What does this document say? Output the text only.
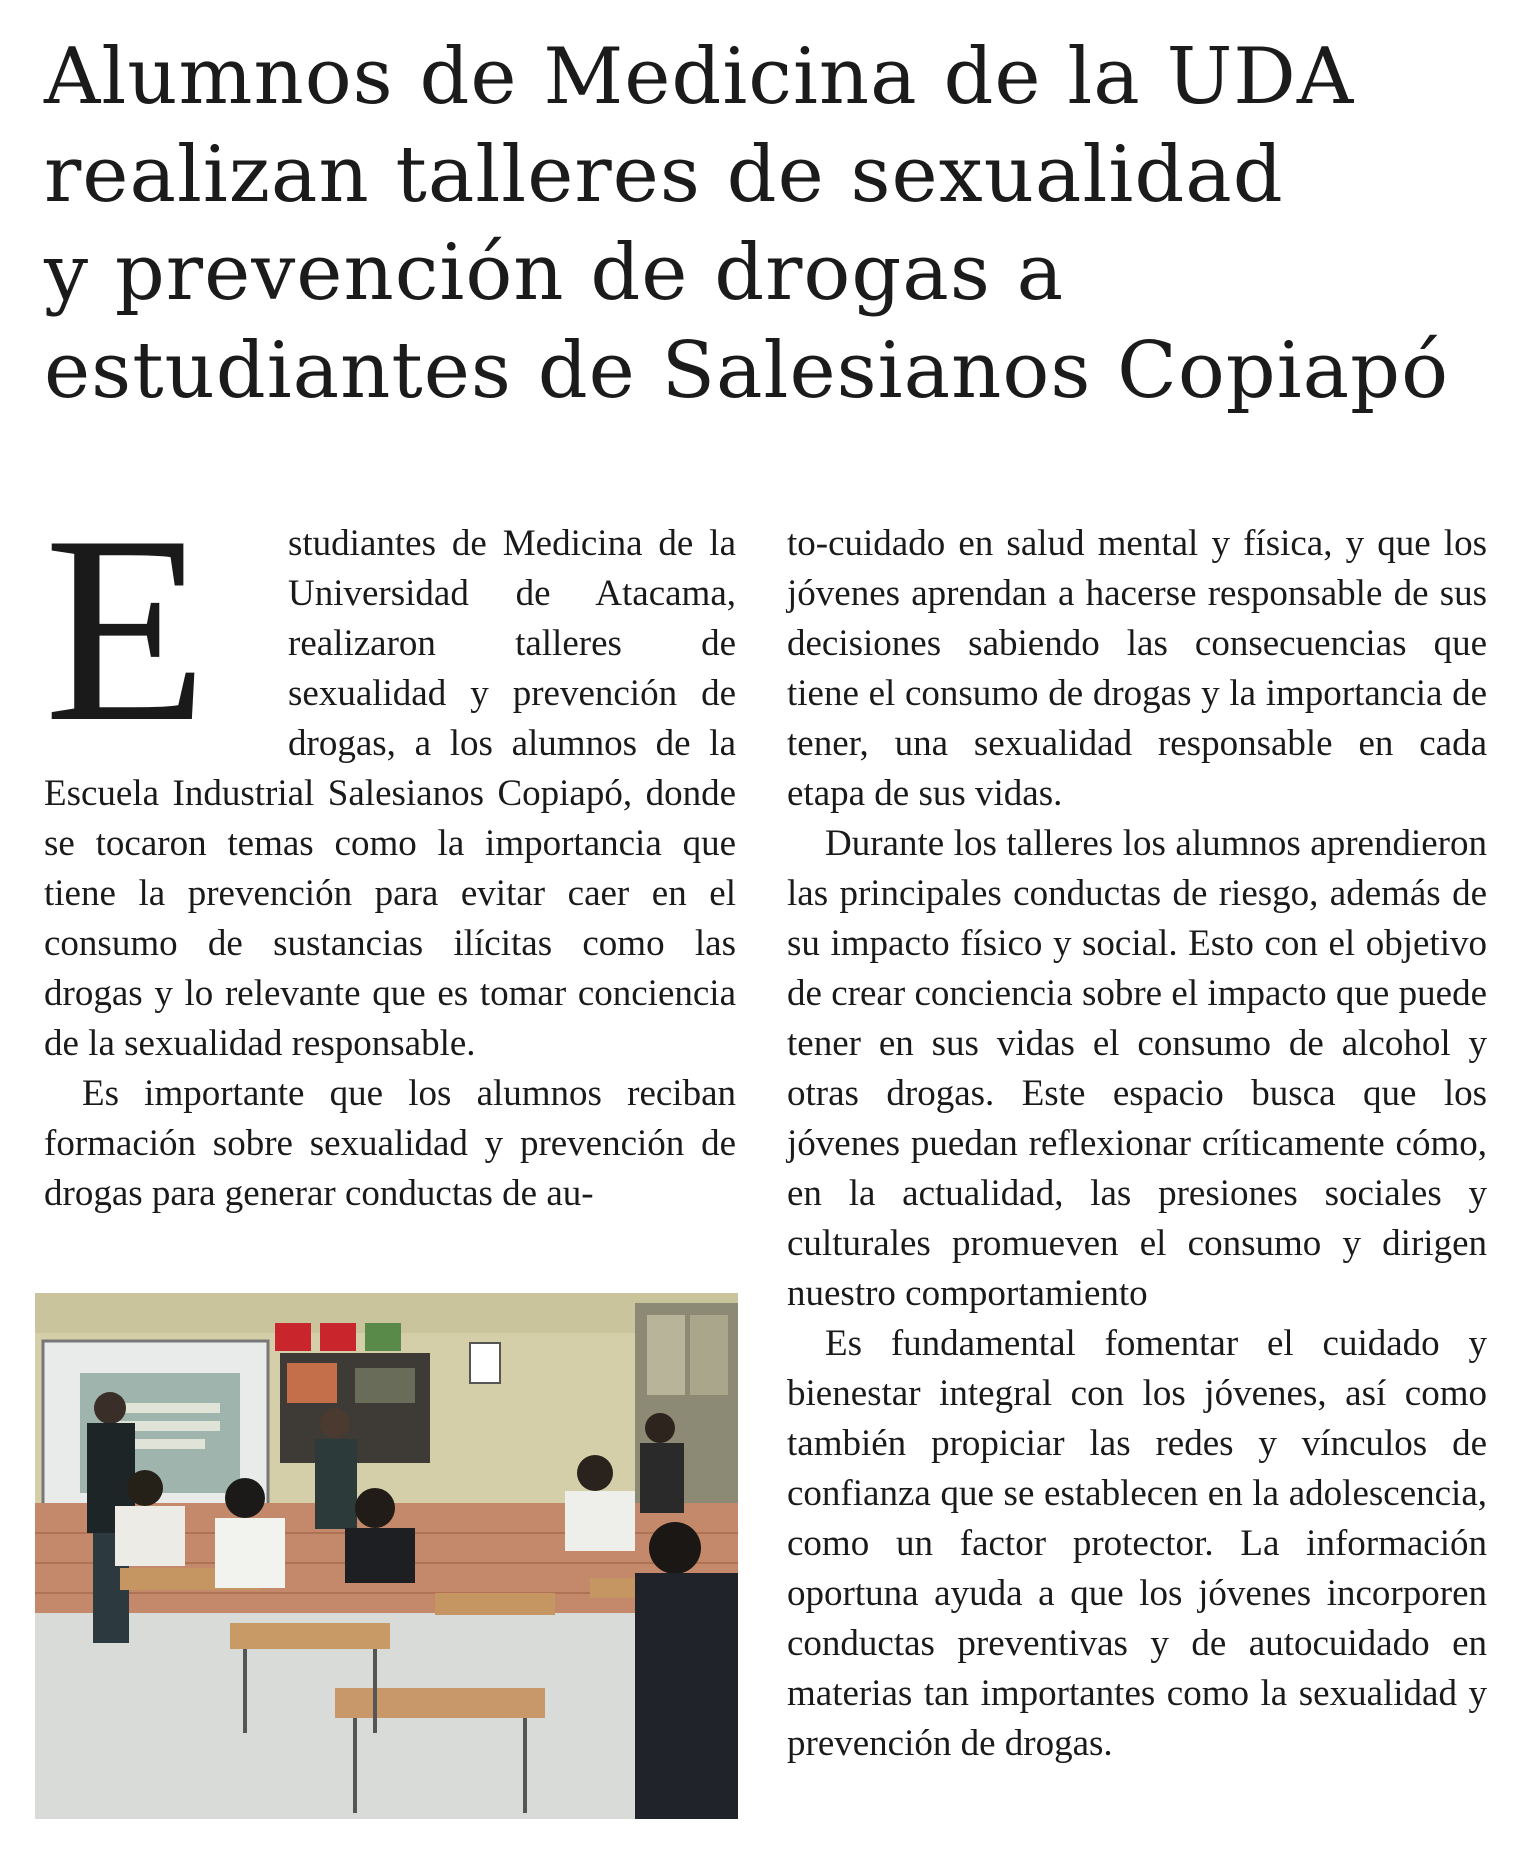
Alumnos de Medicina de la UDA
realizan talleres de sexualidad
y prevención de drogas a
estudiantes de Salesianos Copiapó
E	studiantes de Medicina de la Universidad de Atacama, realizaron talleres de sexualidad y prevención de drogas, a los alumnos de la Escuela Industrial Salesianos Copiapó, donde se tocaron temas como la importancia que tiene la prevención para evitar caer en el consumo de sustancias ilícitas como las drogas y lo relevante que es tomar conciencia de la sexualidad responsable.

Es importante que los alumnos reciban formación sobre sexualidad y prevención de drogas para generar conductas de au-

to-cuidado en salud mental y física, y que los jóvenes aprendan a hacerse responsable de sus decisiones sabiendo las consecuencias que tiene el consumo de drogas y la importancia de tener, una sexualidad responsable en cada etapa de sus vidas.

Durante los talleres los alumnos aprendieron las principales conductas de riesgo, además de su impacto físico y social. Esto con el objetivo de crear conciencia sobre el impacto que puede tener en sus vidas el consumo de alcohol y otras drogas. Este espacio busca que los jóvenes puedan reflexionar críticamente cómo, en la actualidad, las presiones sociales y culturales promueven el consumo y dirigen nuestro comportamiento

Es fundamental fomentar el cuidado y bienestar integral con los jóvenes, así como también propiciar las redes y vínculos de confianza que se establecen en la adolescencia, como un factor protector. La información oportuna ayuda a que los jóvenes incorporen conductas preventivas y de autocuidado en materias tan importantes como la sexualidad y prevención de drogas.
